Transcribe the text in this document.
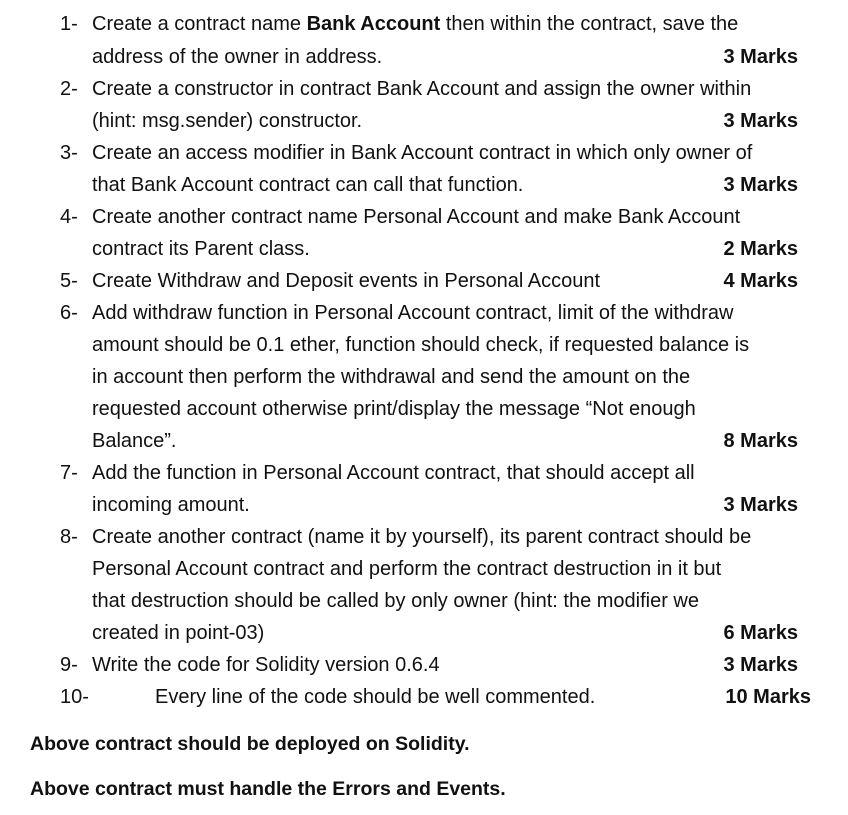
1- Create a contract name Bank Account then within the contract, save the
address of the owner in address.	3 Marks
2- Create a constructor in contract Bank Account and assign the owner within
(hint: msg.sender) constructor.	3 Marks
3- Create an access modifier in Bank Account contract in which only owner of
that Bank Account contract can call that function.	3 Marks
4- Create another contract name Personal Account and make Bank Account
contract its Parent class.	2 Marks
5- Create Withdraw and Deposit events in Personal Account	4 Marks
6- Add withdraw function in Personal Account contract, limit of the withdraw
amount should be 0.1 ether, function should check, if requested balance is
in account then perform the withdrawal and send the amount on the
requested account otherwise print/display the message “Not enough
Balance”.	8 Marks
7- Add the function in Personal Account contract, that should accept all
incoming amount.	3 Marks
8- Create another contract (name it by yourself), its parent contract should be
Personal Account contract and perform the contract destruction in it but
that destruction should be called by only owner (hint: the modifier we
created in point-03)	6 Marks
9- Write the code for Solidity version 0.6.4	3 Marks
10-	Every line of the code should be well commented.	10 Marks
Above contract should be deployed on Solidity.
Above contract must handle the Errors and Events.
